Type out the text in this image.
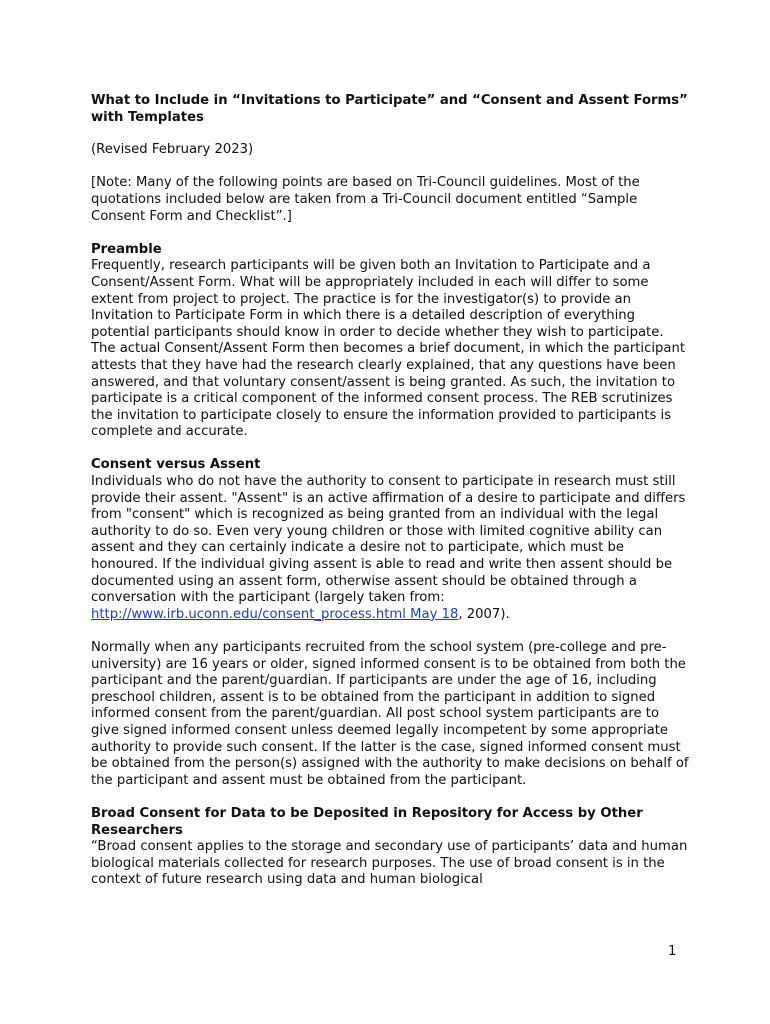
What to Include in “Invitations to Participate” and “Consent and Assent Forms” with Templates

(Revised February 2023)

[Note: Many of the following points are based on Tri-Council guidelines. Most of the quotations included below are taken from a Tri-Council document entitled “Sample Consent Form and Checklist”.]

Preamble
Frequently, research participants will be given both an Invitation to Participate and a Consent/Assent Form. What will be appropriately included in each will differ to some extent from project to project. The practice is for the investigator(s) to provide an Invitation to Participate Form in which there is a detailed description of everything potential participants should know in order to decide whether they wish to participate. The actual Consent/Assent Form then becomes a brief document, in which the participant attests that they have had the research clearly explained, that any questions have been answered, and that voluntary consent/assent is being granted. As such, the invitation to participate is a critical component of the informed consent process. The REB scrutinizes the invitation to participate closely to ensure the information provided to participants is complete and accurate.

Consent versus Assent
Individuals who do not have the authority to consent to participate in research must still provide their assent. "Assent" is an active affirmation of a desire to participate and differs from "consent" which is recognized as being granted from an individual with the legal authority to do so. Even very young children or those with limited cognitive ability can assent and they can certainly indicate a desire not to participate, which must be honoured. If the individual giving assent is able to read and write then assent should be documented using an assent form, otherwise assent should be obtained through a conversation with the participant (largely taken from: http://www.irb.uconn.edu/consent_process.html May 18, 2007).

Normally when any participants recruited from the school system (pre-college and pre-university) are 16 years or older, signed informed consent is to be obtained from both the participant and the parent/guardian. If participants are under the age of 16, including preschool children, assent is to be obtained from the participant in addition to signed informed consent from the parent/guardian. All post school system participants are to give signed informed consent unless deemed legally incompetent by some appropriate authority to provide such consent. If the latter is the case, signed informed consent must be obtained from the person(s) assigned with the authority to make decisions on behalf of the participant and assent must be obtained from the participant.

Broad Consent for Data to be Deposited in Repository for Access by Other Researchers
“Broad consent applies to the storage and secondary use of participants’ data and human biological materials collected for research purposes. The use of broad consent is in the context of future research using data and human biological

1
